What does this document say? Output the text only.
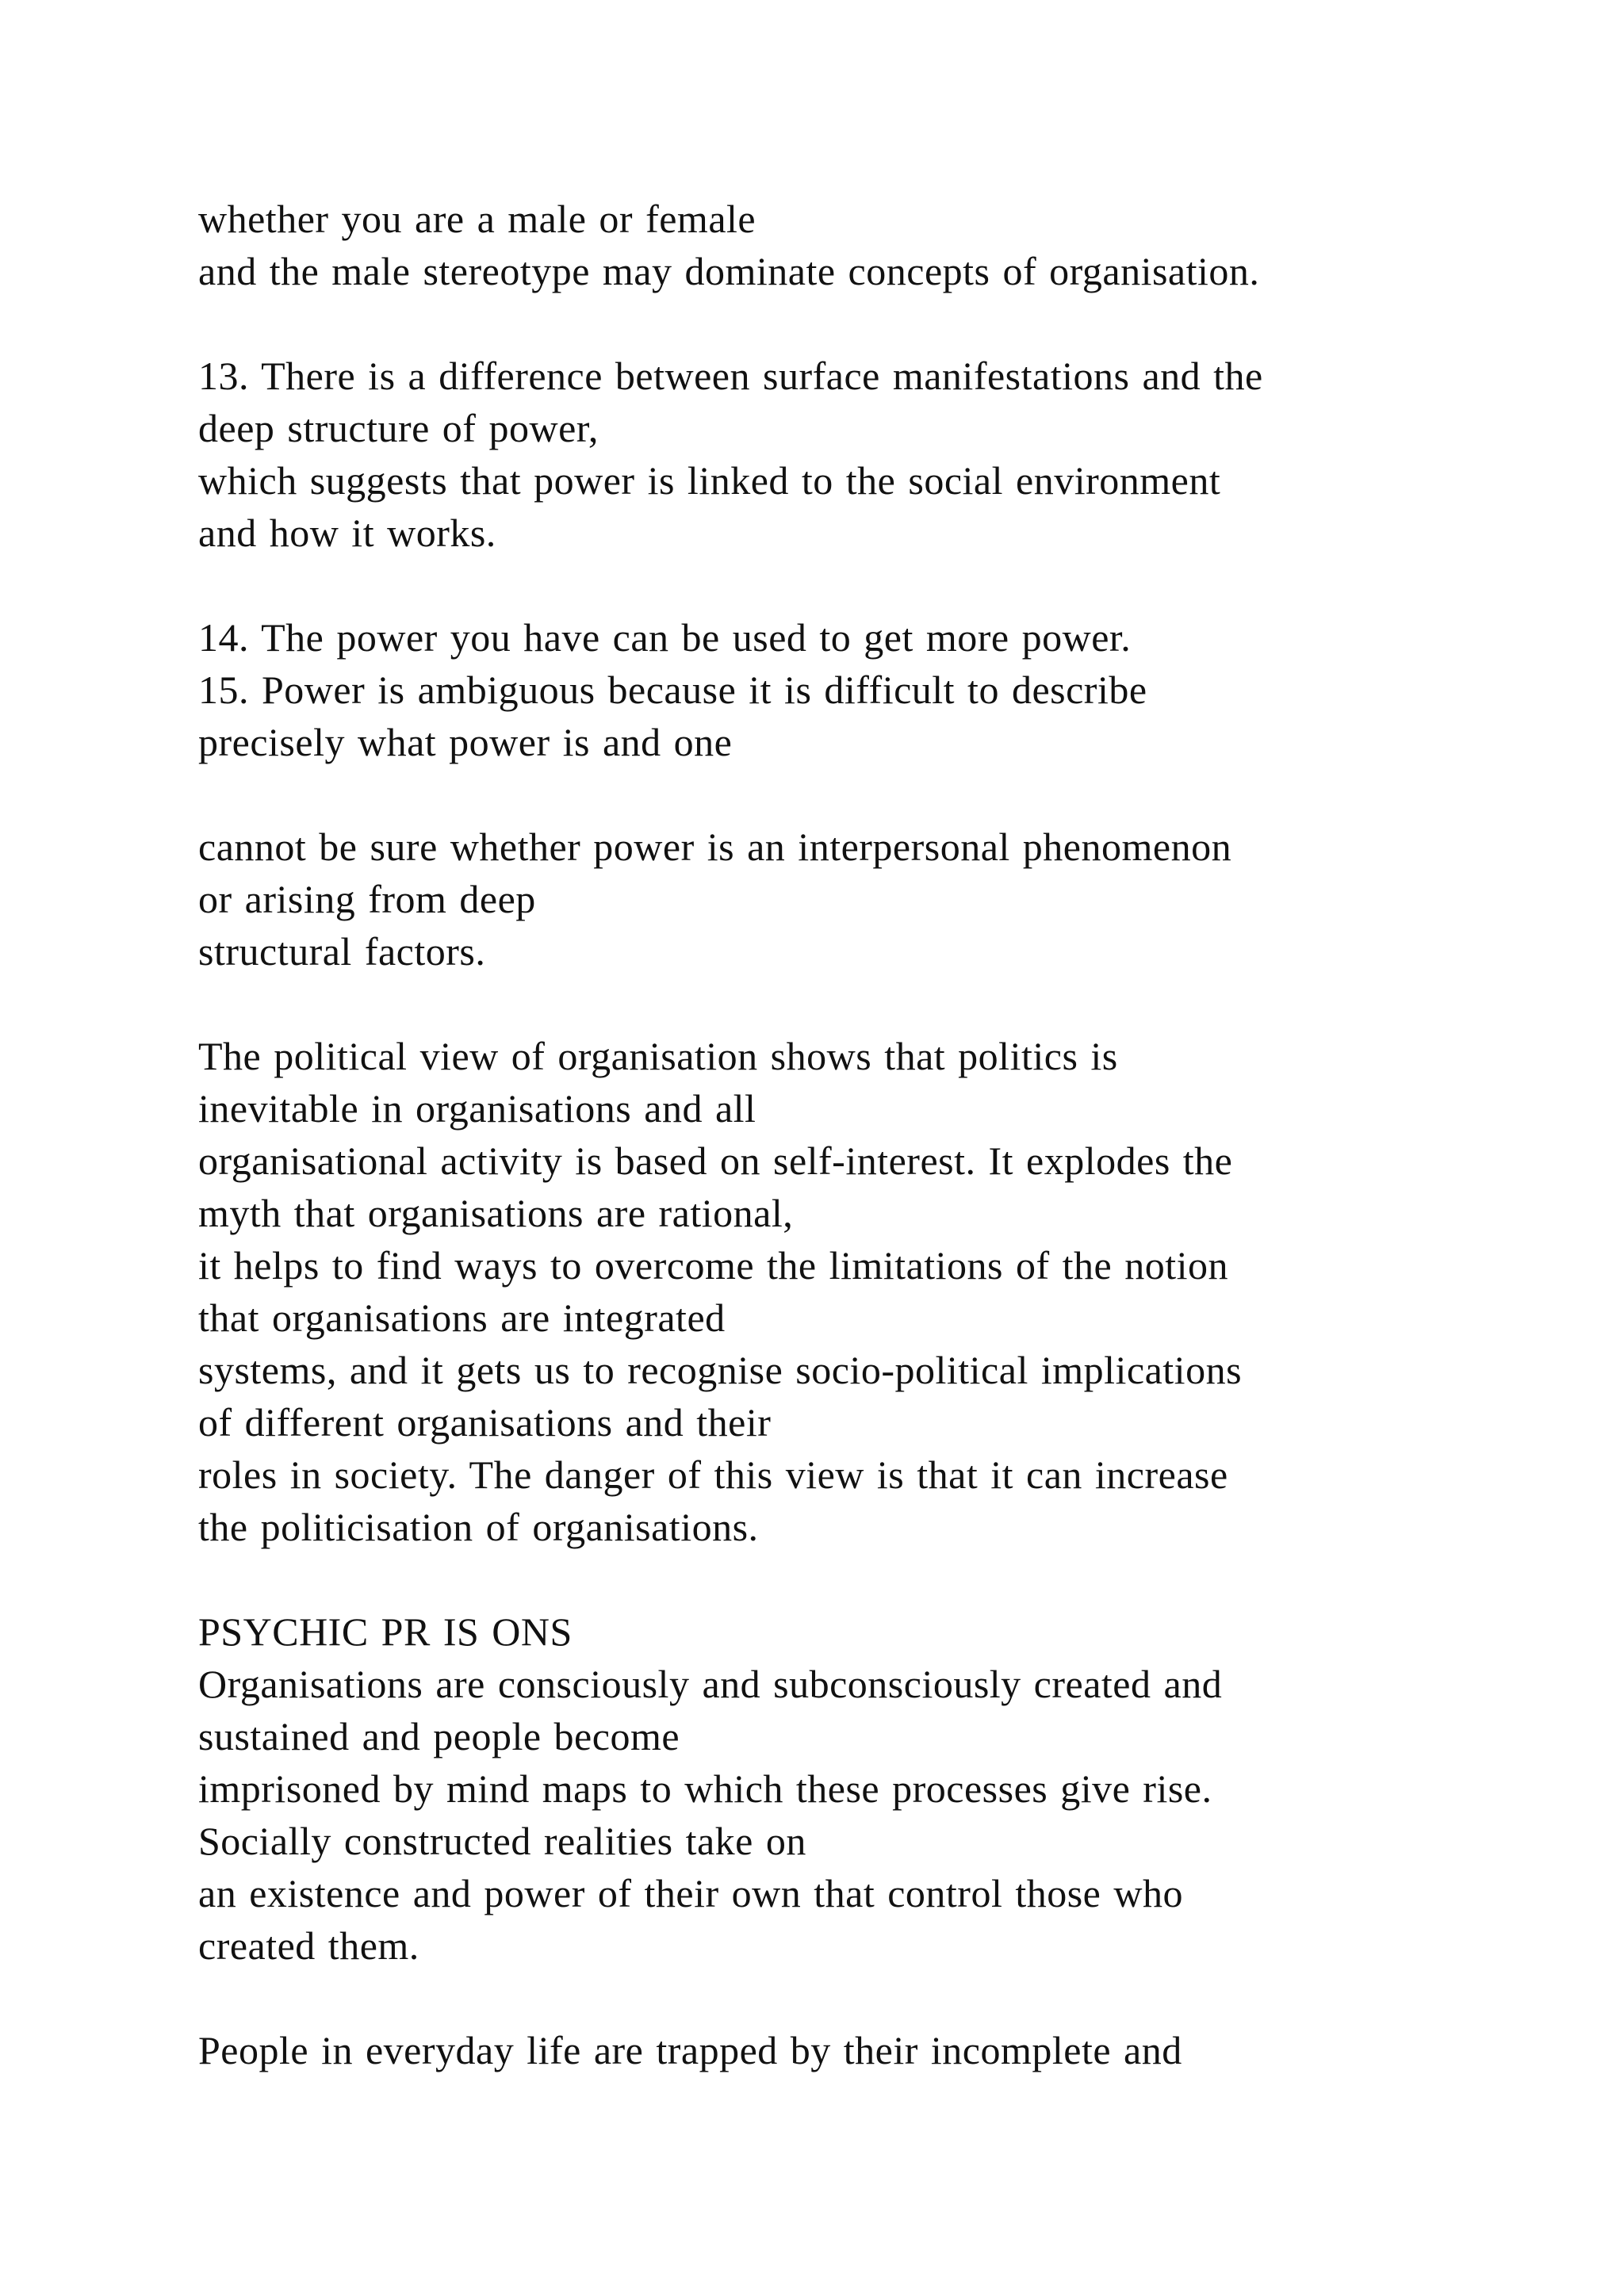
whether you are a male or female
and the male stereotype may dominate concepts of organisation.
13. There is a difference between surface manifestations and the
deep structure of power,
which suggests that power is linked to the social environment
and how it works.
14. The power you have can be used to get more power.
15. Power is ambiguous because it is difficult to describe
precisely what power is and one
cannot be sure whether power is an interpersonal phenomenon
or arising from deep
structural factors.
The political view of organisation shows that politics is
inevitable in organisations and all
organisational activity is based on self-interest. It explodes the
myth that organisations are rational,
it helps to find ways to overcome the limitations of the notion
that organisations are integrated
systems, and it gets us to recognise socio-political implications
of different organisations and their
roles in society. The danger of this view is that it can increase
the politicisation of organisations.
PSYCHIC PR IS ONS
Organisations are consciously and subconsciously created and
sustained and people become
imprisoned by mind maps to which these processes give rise.
Socially constructed realities take on
an existence and power of their own that control those who
created them.
People in everyday life are trapped by their incomplete and
